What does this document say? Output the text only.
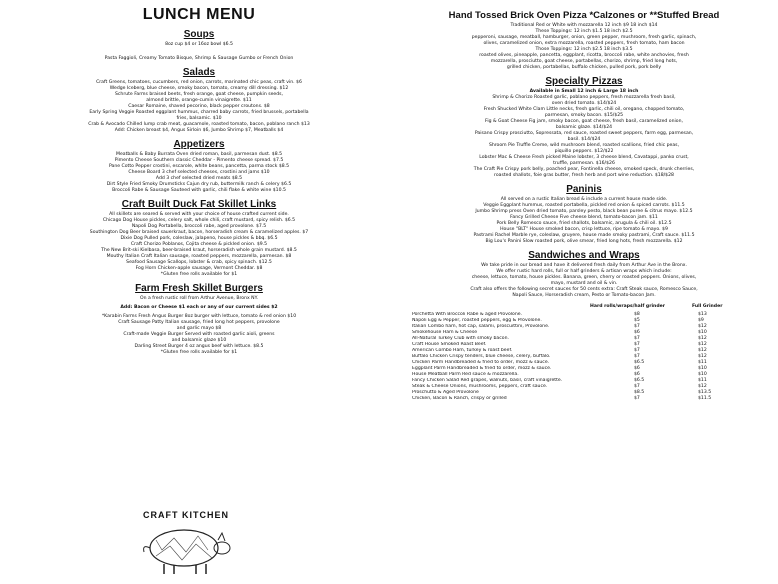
LUNCH MENU
Soups
8oz cup $4 or 16oz bowl $6.5
Pasta Faggioli, Creamy Tomato Bisque, Shrimp & Sausage Gumbo or French Onion
Salads
Craft Greens, tomatoes, cucumbers, red onion, carrots, marinated chic peas, craft vin. $6
Wedge Iceberg, blue cheese, smoky bacon, tomato, creamy dill dressing. $12
Schrute Farms braised beets, fresh orange, goat cheese, pumpkin seeds,
almond brittle, orange-cumin vinaigrette. $11
Caesar Romaine, shaved pecorino, black pepper croutons. $8
Early Spring Veggie Roasted eggplant hummus, charred baby carrots, fried brussels, portabella
fries, balsamic. $10
Crab & Avocado Chilled lump crab meat, guacamole, roasted tomato, bacon, poblano ranch $13
Add: Chicken breast $4, Angus Sirloin $6, Jumbo Shrimp $7, Meatballs $4
Appetizers
Meatballs & Baby Burrata Oven dried roman, basil, parmesan dust. $8.5
Pimento Cheese Southern classic Cheddar - Pimento cheese spread. $7.5
Pane Cotto Pepper crostini, escarole, white beans, pancetta, parma stock $8.5
Cheese Board 3 chef selected cheeses, crostini and jams $10
Add 3 chef selected dried meats $8.5
Dirt Style Fried Smoky Drumsticks Cajun dry rub, buttermilk ranch & celery $6.5
Broccoli Rabe & Sausage Sauteed with garlic, chili flake & white wine $10.5
Craft Built Duck Fat Skillet Links
All skillets are seared & served with your choice of house crafted current side.
Chicago Dog House pickles, celery salt, whole chili, craft mustard, spicy relish. $6.5
Napoli Dog Portabella, broccoli rabe, aged provolone. $7.5
Southington Dog Beer braised sauerkraut, bacon, horseradish cream & caramelized apples. $7
Dixie Dog Pulled pork, coleslaw, jalapeno, house pickles & bbq. $6.5
Craft Chorizo Poblanos, Cojita cheese & pickled onion. $9.5
The New Brit-ski Kielbasa, beer-braised kraut, horseradish whole grain mustard. $8.5
Mouthy Italian Craft Italian sausage, roasted peppers, mozzarella, parmesan. $8
Seafood Sausage Scallops, lobster & crab, spicy spinach. $12.5
Fog Horn Chicken-apple sausage, Vermont Cheddar. $8
*Gluten free rolls available for $1
Farm Fresh Skillet Burgers
On a fresh rustic roll from Arthur Avenue, Bronx NY.
Add: Bacon or Cheese $1 each or any of our current sides $2
*Karabin Farms Fresh Angus Burger 8oz burger with lettuce, tomato & red onion $10
Craft Sausage Patty Italian sausage, fried long hot peppers, provolone
and garlic mayo $8
Craft-made Veggie Burger Served with roasted garlic aioli, greens
and balsamic glaze $10
Darling Street Burger 4 oz angus beef with lettuce. $8.5
*Gluten free rolls available for $1
CRAFT KITCHEN
Hand Tossed Brick Oven Pizza *Calzones or **Stuffed Bread
Traditional Red or White with mozzarella 12 inch $9 18 inch $14
These Toppings: 12 inch $1.5 18 inch $2.5
pepperoni, sausage, meatball, hamburger, onion, green pepper, mushroom, fresh garlic, spinach,
olives, caramelized onion, extra mozzarella, roasted peppers, fresh tomato, ham bacon
Those Toppings: 12 inch $2.5 18 inch $3.5
roasted olives, pineapple, pancetta, eggplant, ricotta, broccoli rabe, white anchovies, fresh
mozzarella, prosciutto, goat cheese, portabellas, chorizo, shrimp, fried long hots,
grilled chicken, portabellas, buffalo chicken, pulled pork, pork belly
Specialty Pizzas
Available in Small 12 inch & Large 18 inch
Shrimp & Chorizo Roasted garlic, poblano peppers, fresh mozzarella fresh basil,
oven dried tomato. $14/$24
Fresh Shucked White Clam Little necks, fresh garlic, chili oil, oregano, chopped tomato,
parmesan, smoky bacon. $15/$25
Fig & Goat Cheese Fig jam, smoky bacon, goat cheese, fresh basil, caramelized onion,
balsamic glaze. $14/$24
Paisano Crispy prosciutto, Sopressata, red sauce, roasted sweet peppers, farm egg, parmesan,
basil. $14/$24
Shroom Pie Truffle Creme, wild mushroom blend, roasted scallions, fried chic peas,
piquillo peppers. $12/$22
Lobster Mac & Cheese Fresh picked Maine lobster, 3 cheese blend, Cavatappi, panko crust,
truffle, parmesan. $16/$26
The Craft Pie Crispy pork belly, poached pear, Fontinella cheese, smoked speck, drunk cherries,
roasted shallots, foie gras butter, fresh herb and port wine reduction. $18/$28
Paninis
All served on a rustic Italian bread & include a current house made side.
Veggie Eggplant hummus, roasted portabella, pickled red onion & spiced carrots. $11.5
Jumbo Shrimp press Oven dried tomato, parsley pesto, black bean puree & citrus mayo. $12.5
Fancy Grilled Cheese Five cheese blend, tomato-bacon jam. $11
Pork Belly Romesco sauce, fried shallots, balsamic, arugula & chili oil. $12.5
House "BLT" House smoked bacon, crisp lettuce, ripe tomato & mayo. $9
Pastrami Rachel Marble rye, coleslaw, gruyere, house made smoky pastrami, Craft sauce. $11.5
Big Lou's Panini Slow roasted pork, olive smear, fried long hots, fresh mozzarella. $12
Sandwiches and Wraps
We take pride in our bread and have it delivered fresh daily from Arthur Ave in the Bronx.
We offer rustic hard rolls, full or half grinders & artisan wraps which include:
cheese, lettuce, tomato, house pickles. Banana, green, cherry or roasted peppers. Onions, olives,
mayo, mustard and oil & vin.
Craft also offers the following secret sauces for 50 cents extra: Craft Steak sauce, Romesco Sauce,
Napoli Sauce, Horseradish cream, Pesto or Tomato-bacon Jam.
Hard rolls/wraps/half grinder	Full Grinder
Porchetta With Broccoli Rabe & aged Provolone.	$8	$13
Napoli Egg & Pepper, roasted peppers, egg & Provolone.	$5	$9
Italian Combo ham, hot cap, salami, proscuittini, Provolone.	$7	$12
Smokehouse Ham & Cheese	$6	$10
All-Natural Turkey Club with smoky bacon.	$7	$12
Craft House Smoked Roast Beef.	$7	$12
American Combo Ham, turkey & roast beef.	$7	$12
Buffalo Chicken Crispy tenders, blue cheese, celery, buffalo.	$7	$12
Chicken Parm Handbreaded & fried to order, mozz & sauce.	$6.5	$11
Eggplant Parm Handbreaded & fried to order, mozz & sauce.	$6	$10
House Meatball Parm Red sauce & mozzarella.	$6	$10
Fancy Chicken Salad Red grapes, walnuts, basil, craft vinaigrette.	$6.5	$11
Steak & Cheese Onions, mushrooms, peppers, craft sauce.	$7	$12
Proschutto & Aged Provolone	$8.5	$13.5
Chicken, Bacon & Ranch, crispy or grilled	$7	$11.5
